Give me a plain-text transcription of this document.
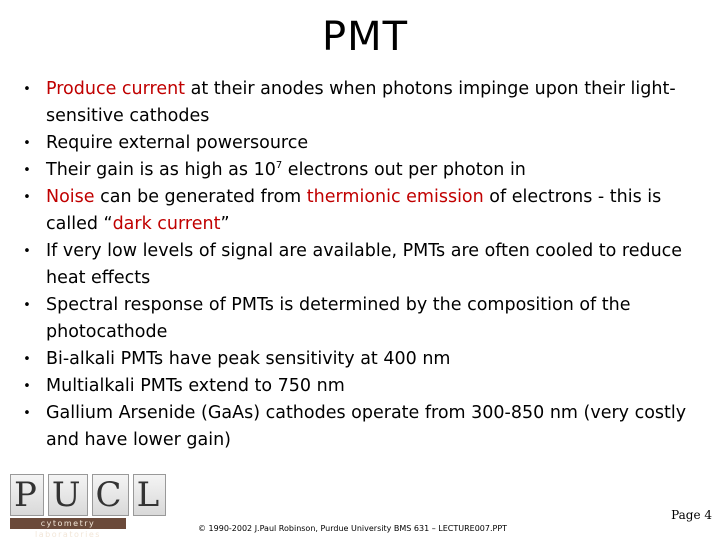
PMT
• Produce current at their anodes when photons impinge upon their light-sensitive cathodes
• Require external powersource
• Their gain is as high as $10^7$ electrons out per photon in
• Noise can be generated from thermionic emission of electrons - this is called “dark current”
• If very low levels of signal are available, PMTs are often cooled to reduce heat effects
• Spectral response of PMTs is determined by the composition of the photocathode
• Bi-alkali PMTs have peak sensitivity at 400 nm
• Multialkali PMTs extend to 750 nm
• Gallium Arsenide (GaAs) cathodes operate from 300-850 nm (very costly and have lower gain)
P U C L
cytometry laboratories
Page 4
© 1990-2002 J.Paul Robinson, Purdue University BMS 631 – LECTURE007.PPT
